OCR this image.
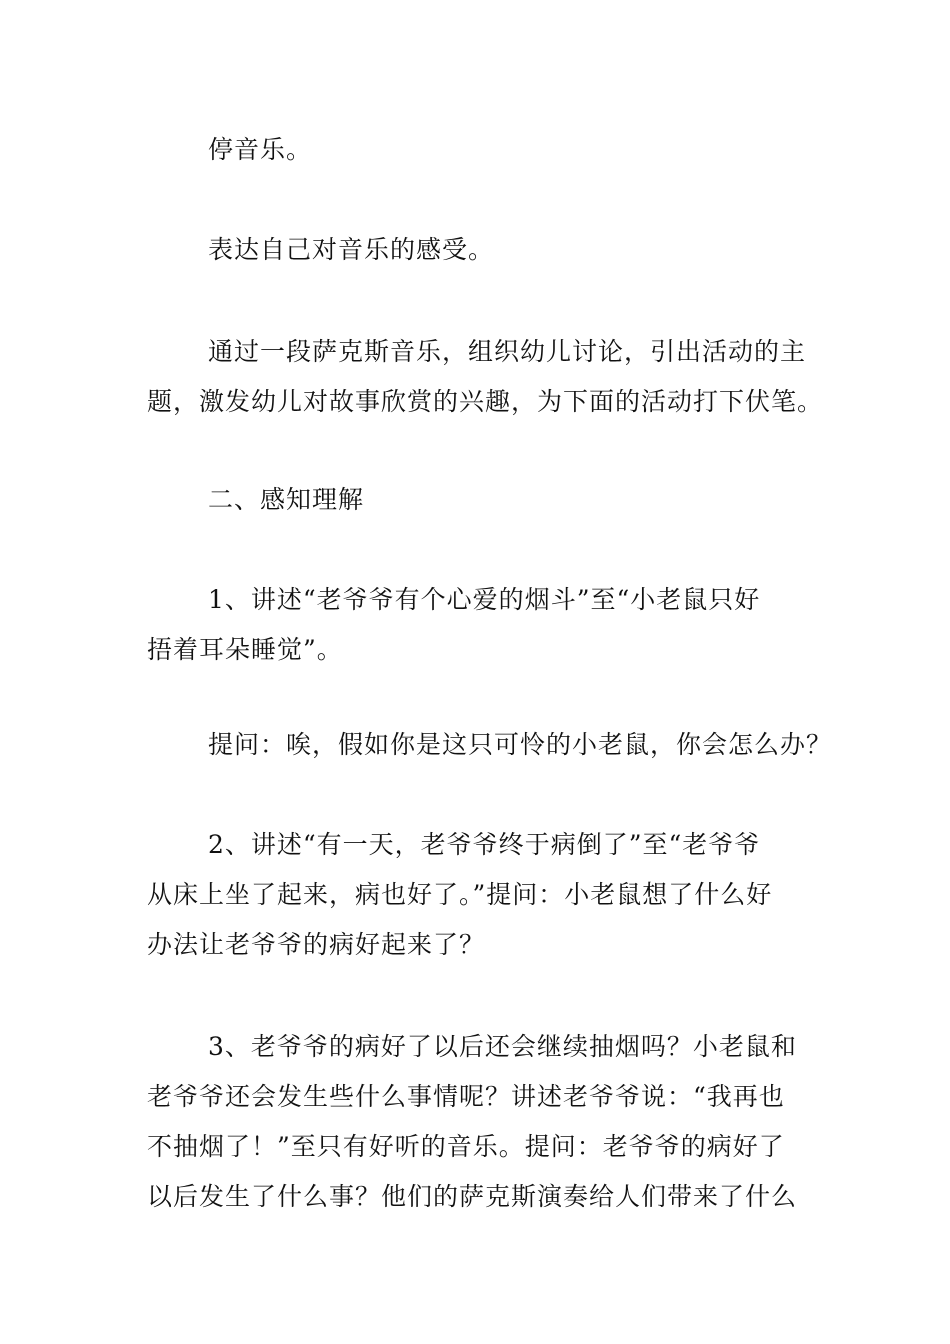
停音乐。

表达自己对音乐的感受。

通过一段萨克斯音乐，组织幼儿讨论，引出活动的主
题，激发幼儿对故事欣赏的兴趣，为下面的活动打下伏笔。

二、感知理解

1、讲述“老爷爷有个心爱的烟斗”至“小老鼠只好
捂着耳朵睡觉”。

提问：唉，假如你是这只可怜的小老鼠，你会怎么办？

2、讲述“有一天，老爷爷终于病倒了”至“老爷爷
从床上坐了起来，病也好了。”提问：小老鼠想了什么好
办法让老爷爷的病好起来了？

3、老爷爷的病好了以后还会继续抽烟吗？小老鼠和
老爷爷还会发生些什么事情呢？讲述老爷爷说：“我再也
不抽烟了！”至只有好听的音乐。提问：老爷爷的病好了
以后发生了什么事？他们的萨克斯演奏给人们带来了什么
